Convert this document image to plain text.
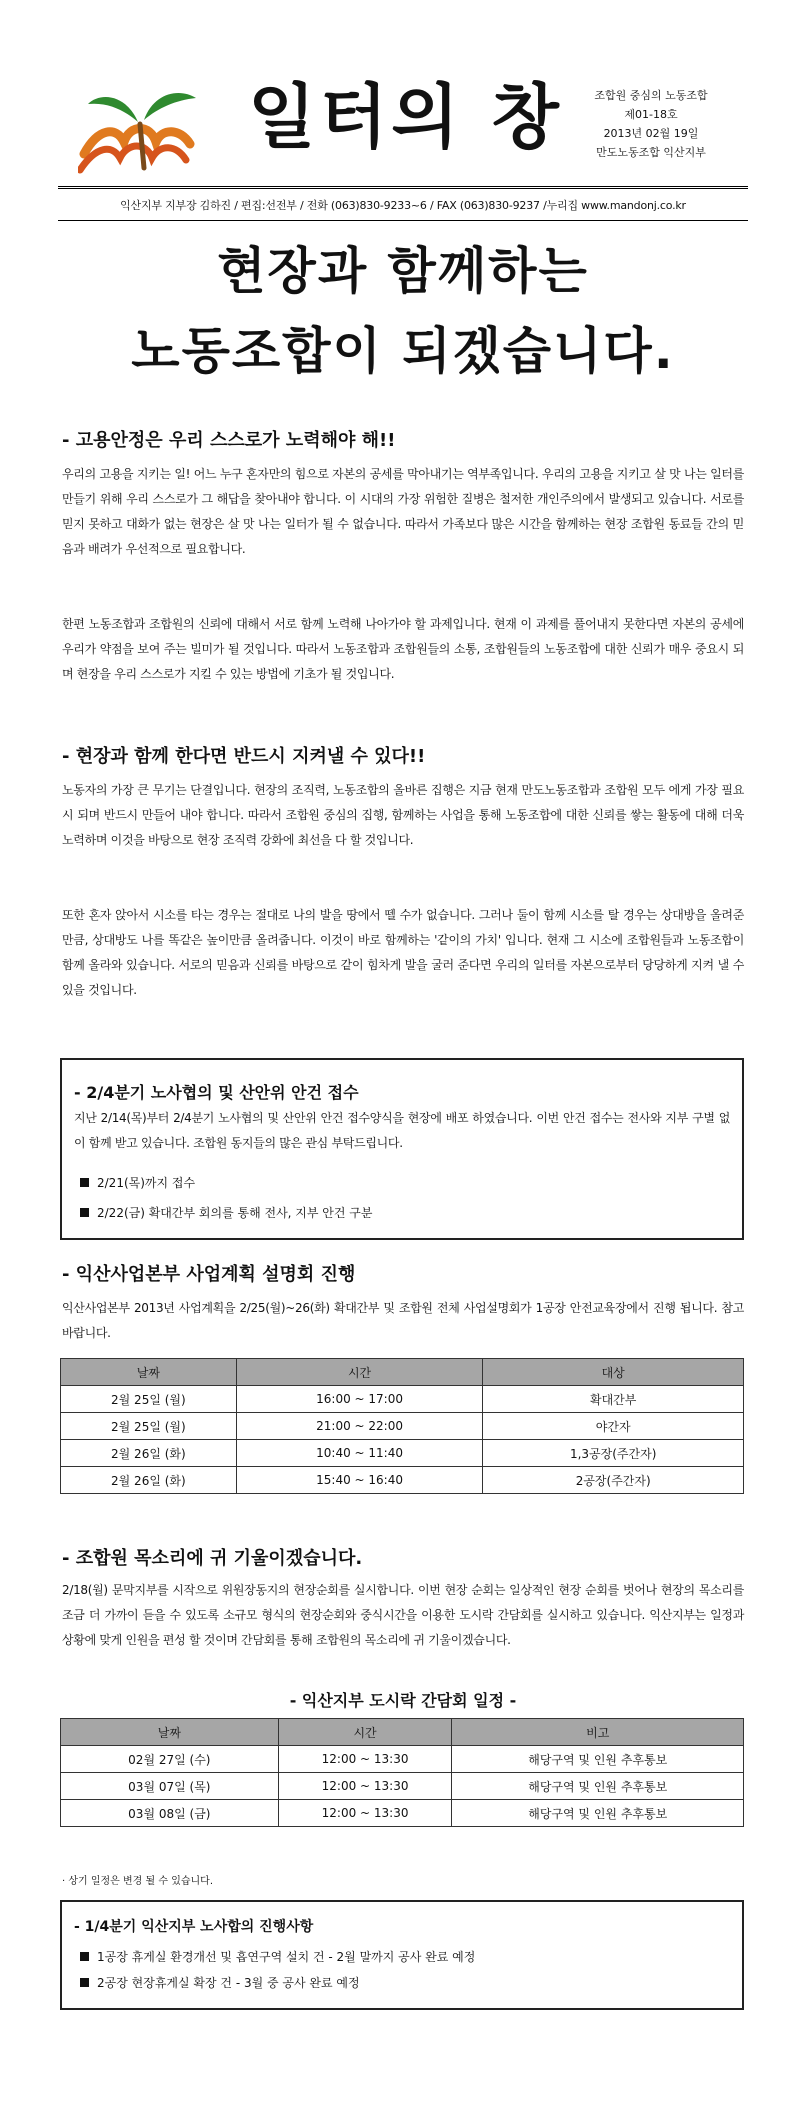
일터의 창	조합원 중심의 노동조합
제01-18호
2013년 02월 19일
만도노동조합 익산지부
익산지부 지부장 김하진 / 편집:선전부 / 전화 (063)830-9233~6 / FAX (063)830-9237 /누리집 www.mandonj.co.kr
현장과 함께하는
노동조합이 되겠습니다.
- 고용안정은 우리 스스로가 노력해야 해!!

우리의 고용을 지키는 일! 어느 누구 혼자만의 힘으로 자본의 공세를 막아내기는 역부족입니다. 우리의 고용을 지키고 살 맛 나는 일터를 만들기 위해 우리 스스로가 그 해답을 찾아내야 합니다. 이 시대의 가장 위험한 질병은 철저한 개인주의에서 발생되고 있습니다. 서로를 믿지 못하고 대화가 없는 현장은 살 맛 나는 일터가 될 수 없습니다. 따라서 가족보다 많은 시간을 함께하는 현장 조합원 동료들 간의 믿음과 배려가 우선적으로 필요합니다.

한편 노동조합과 조합원의 신뢰에 대해서 서로 함께 노력해 나아가야 할 과제입니다. 현재 이 과제를 풀어내지 못한다면 자본의 공세에 우리가 약점을 보여 주는 빌미가 될 것입니다. 따라서 노동조합과 조합원들의 소통, 조합원들의 노동조합에 대한 신뢰가 매우 중요시 되며 현장을 우리 스스로가 지킬 수 있는 방법에 기초가 될 것입니다.

- 현장과 함께 한다면 반드시 지켜낼 수 있다!!

노동자의 가장 큰 무기는 단결입니다. 현장의 조직력, 노동조합의 올바른 집행은 지금 현재 만도노동조합과 조합원 모두 에게 가장 필요시 되며 반드시 만들어 내야 합니다. 따라서 조합원 중심의 집행, 함께하는 사업을 통해 노동조합에 대한 신뢰를 쌓는 활동에 대해 더욱 노력하며 이것을 바탕으로 현장 조직력 강화에 최선을 다 할 것입니다.

또한 혼자 앉아서 시소를 타는 경우는 절대로 나의 발을 땅에서 뗄 수가 없습니다. 그러나 둘이 함께 시소를 탈 경우는 상대방을 올려준 만큼, 상대방도 나를 똑같은 높이만큼 올려줍니다. 이것이 바로 함께하는 '같이의 가치' 입니다. 현재 그 시소에 조합원들과 노동조합이 함께 올라와 있습니다. 서로의 믿음과 신뢰를 바탕으로 같이 힘차게 발을 굴러 준다면 우리의 일터를 자본으로부터 당당하게 지켜 낼 수 있을 것입니다.

- 2/4분기 노사협의 및 산안위 안건 접수

지난 2/14(목)부터 2/4분기 노사협의 및 산안위 안건 접수양식을 현장에 배포 하였습니다. 이번 안건 접수는 전사와 지부 구별 없이 함께 받고 있습니다. 조합원 동지들의 많은 관심 부탁드립니다.

2/21(목)까지 접수
2/22(금) 확대간부 회의를 통해 전사, 지부 안건 구분
- 익산사업본부 사업계획 설명회 진행

익산사업본부 2013년 사업계획을 2/25(월)~26(화) 확대간부 및 조합원 전체 사업설명회가 1공장 안전교육장에서 진행 됩니다. 참고 바랍니다.

날짜	시간	대상
2월 25일 (월)	16:00 ~ 17:00	확대간부
2월 25일 (월)	21:00 ~ 22:00	야간자
2월 26일 (화)	10:40 ~ 11:40	1,3공장(주간자)
2월 26일 (화)	15:40 ~ 16:40	2공장(주간자)
- 조합원 목소리에 귀 기울이겠습니다.

2/18(월) 문막지부를 시작으로 위원장동지의 현장순회를 실시합니다. 이번 현장 순회는 일상적인 현장 순회를 벗어나 현장의 목소리를 조금 더 가까이 듣을 수 있도록 소규모 형식의 현장순회와 중식시간을 이용한 도시락 간담회를 실시하고 있습니다. 익산지부는 일정과 상황에 맞게 인원을 편성 할 것이며 간담회를 통해 조합원의 목소리에 귀 기울이겠습니다.

- 익산지부 도시락 간담회 일정 -
날짜	시간	비고
02월 27일 (수)	12:00 ~ 13:30	해당구역 및 인원 추후통보
03월 07일 (목)	12:00 ~ 13:30	해당구역 및 인원 추후통보
03월 08일 (금)	12:00 ~ 13:30	해당구역 및 인원 추후통보
· 상기 일정은 변경 될 수 있습니다.
- 1/4분기 익산지부 노사합의 진행사항
1공장 휴게실 환경개선 및 흡연구역 설치 건 - 2월 말까지 공사 완료 예정
2공장 현장휴게실 확장 건 - 3월 중 공사 완료 예정
